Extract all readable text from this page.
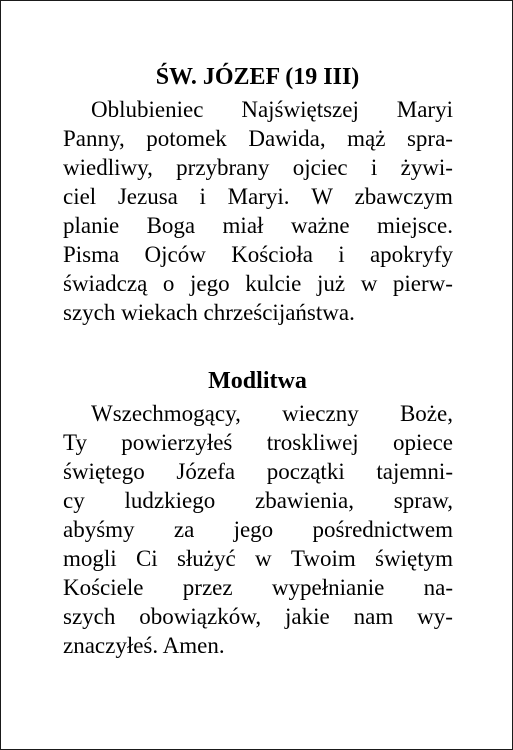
ŚW. JÓZEF (19 III)
Oblubieniec Najświętszej Maryi
Panny, potomek Dawida, mąż spra-
wiedliwy, przybrany ojciec i żywi-
ciel Jezusa i Maryi. W zbawczym
planie Boga miał ważne miejsce.
Pisma Ojców Kościoła i apokryfy
świadczą o jego kulcie już w pierw-
szych wiekach chrześcijaństwa.
Modlitwa
Wszechmogący, wieczny Boże,
Ty powierzyłeś troskliwej opiece
świętego Józefa początki tajemni-
cy ludzkiego zbawienia, spraw,
abyśmy za jego pośrednictwem
mogli Ci służyć w Twoim świętym
Kościele przez wypełnianie na-
szych obowiązków, jakie nam wy-
znaczyłeś. Amen.
